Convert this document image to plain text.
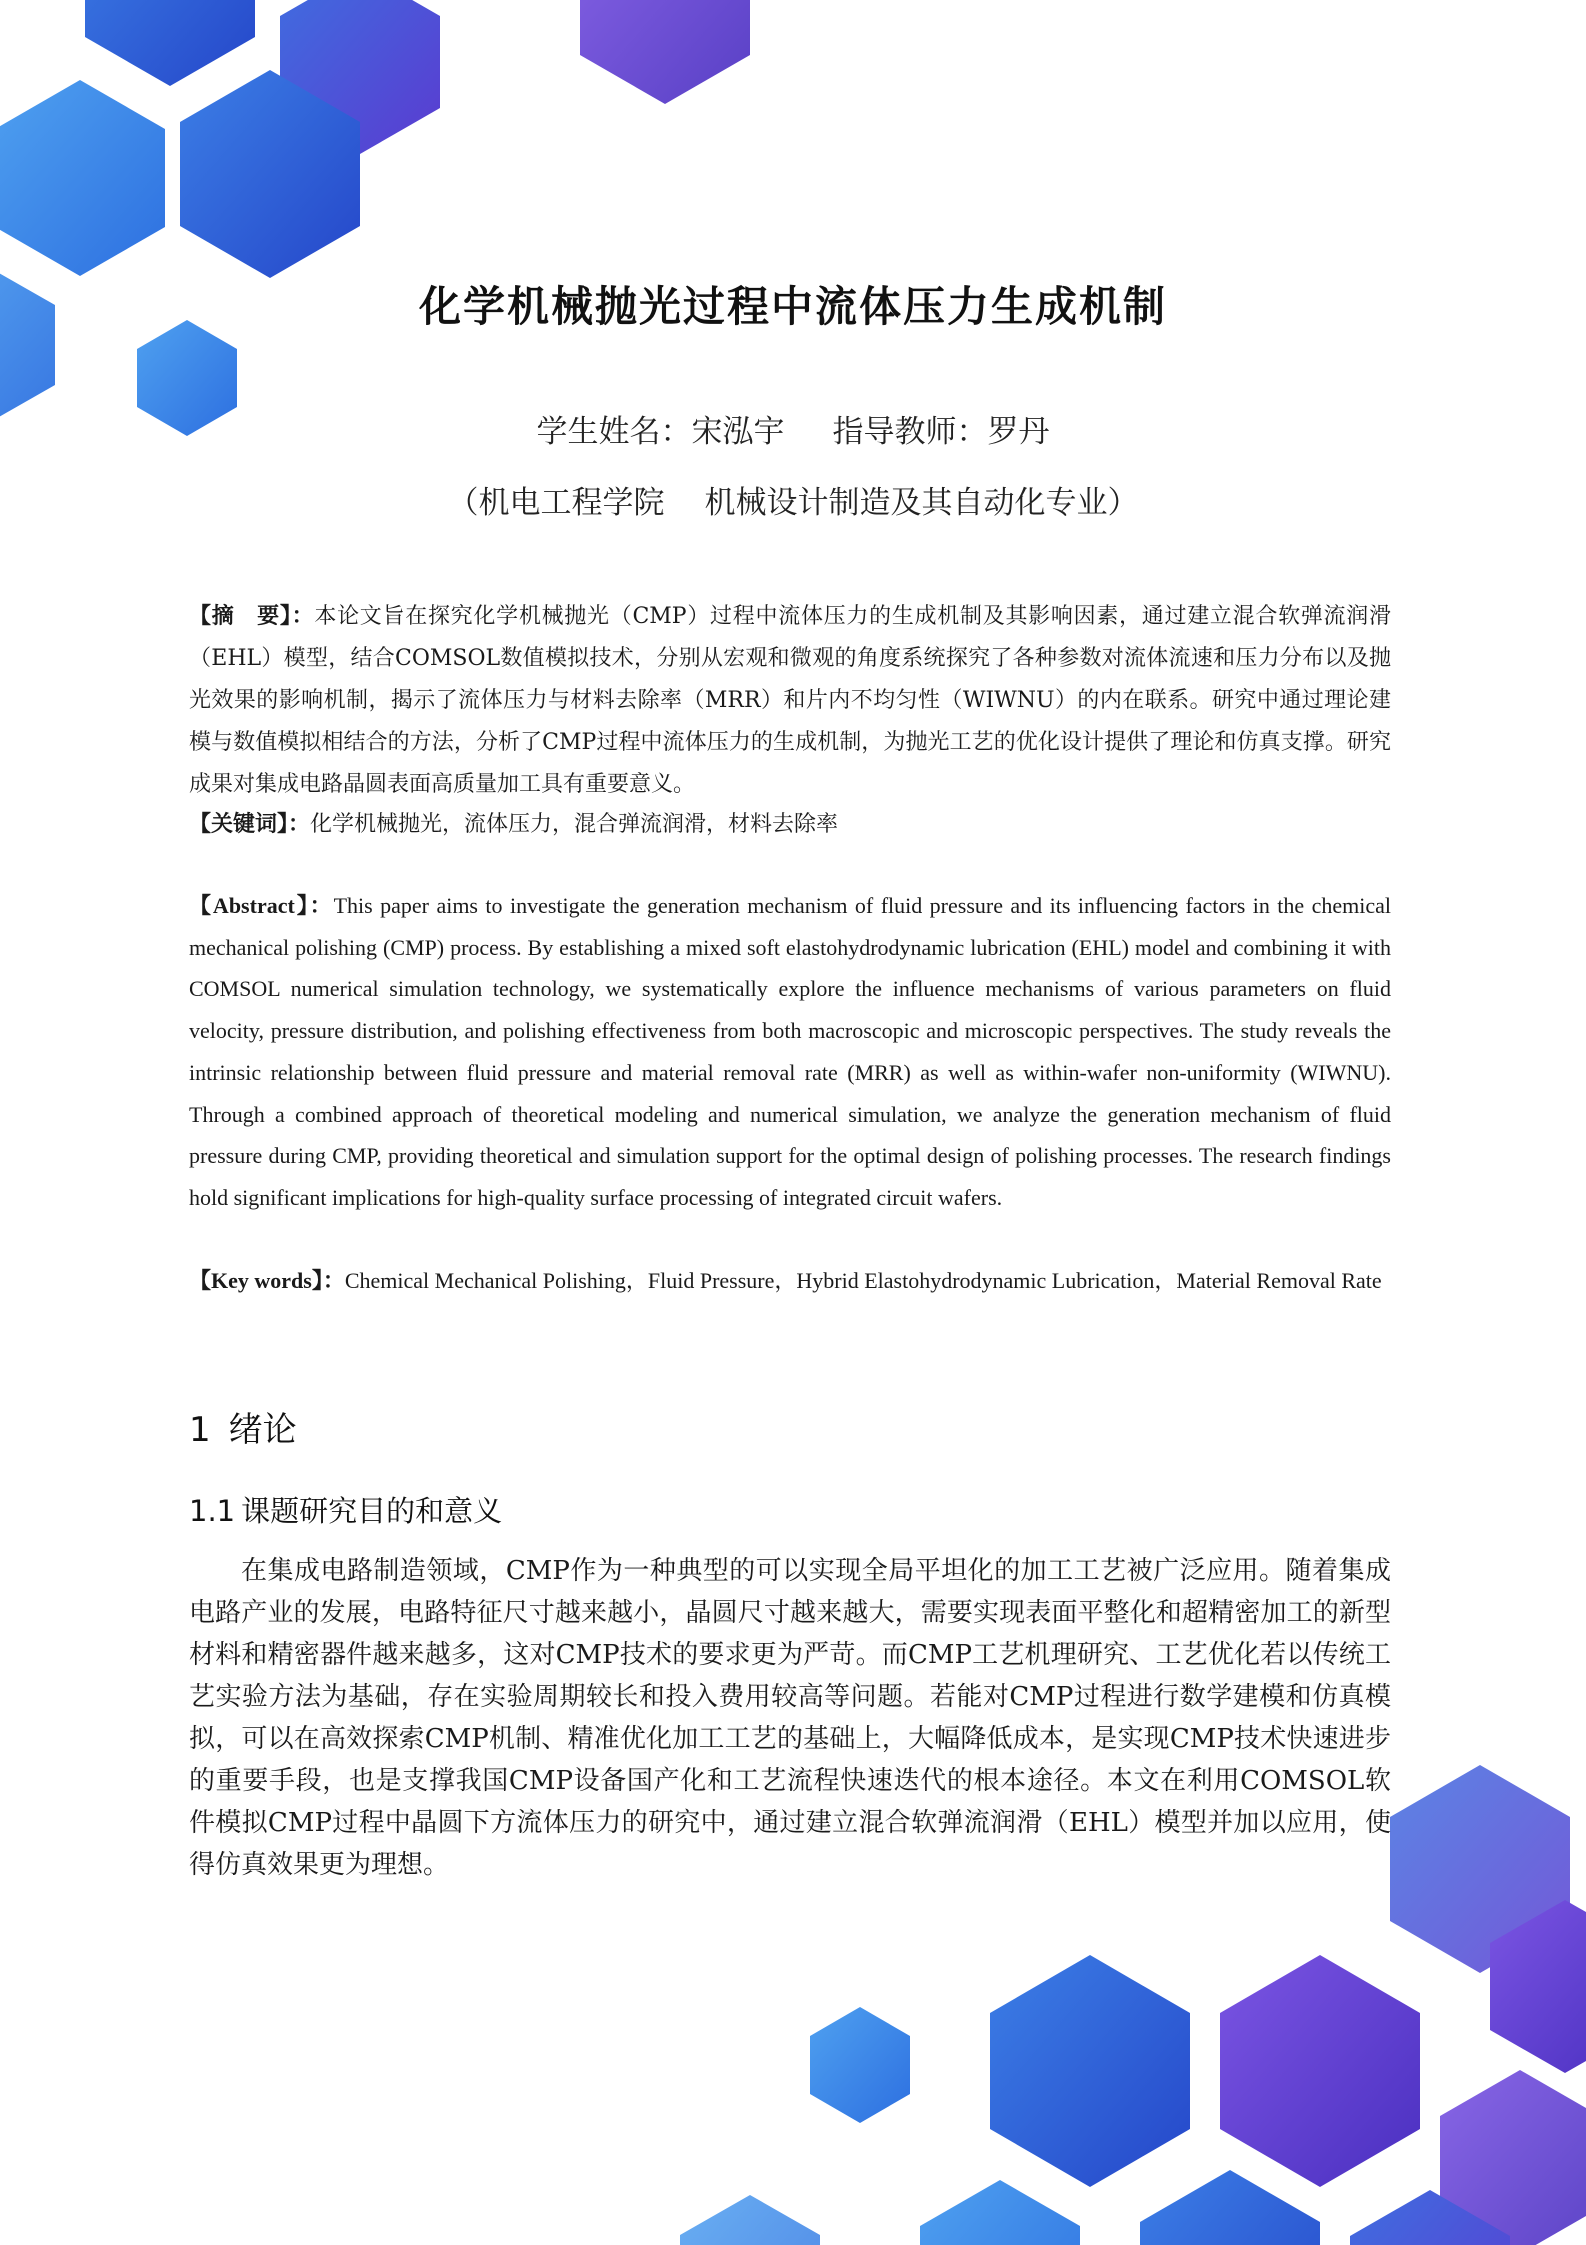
化学机械抛光过程中流体压力生成机制
学生姓名：宋泓宇 指导教师：罗丹
（机电工程学院 机械设计制造及其自动化专业）
【摘　要】：本论文旨在探究化学机械抛光（CMP）过程中流体压力的生成机制及其影响因素，通过建立混合软弹流润滑（EHL）模型，结合COMSOL数值模拟技术，分别从宏观和微观的角度系统探究了各种参数对流体流速和压力分布以及抛光效果的影响机制，揭示了流体压力与材料去除率（MRR）和片内不均匀性（WIWNU）的内在联系。研究中通过理论建模与数值模拟相结合的方法，分析了CMP过程中流体压力的生成机制，为抛光工艺的优化设计提供了理论和仿真支撑。研究成果对集成电路晶圆表面高质量加工具有重要意义。
【关键词】：化学机械抛光，流体压力，混合弹流润滑，材料去除率
【Abstract】：This paper aims to investigate the generation mechanism of fluid pressure and its influencing factors in the chemical mechanical polishing (CMP) process. By establishing a mixed soft elastohydrodynamic lubrication (EHL) model and combining it with COMSOL numerical simulation technology, we systematically explore the influence mechanisms of various parameters on fluid velocity, pressure distribution, and polishing effectiveness from both macroscopic and microscopic perspectives. The study reveals the intrinsic relationship between fluid pressure and material removal rate (MRR) as well as within-wafer non-uniformity (WIWNU). Through a combined approach of theoretical modeling and numerical simulation, we analyze the generation mechanism of fluid pressure during CMP, providing theoretical and simulation support for the optimal design of polishing processes. The research findings hold significant implications for high-quality surface processing of integrated circuit wafers.
【Key words】：Chemical Mechanical Polishing，Fluid Pressure，Hybrid Elastohydrodynamic Lubrication，Material Removal Rate
1 绪论
1.1 课题研究目的和意义
在集成电路制造领域，CMP作为一种典型的可以实现全局平坦化的加工工艺被广泛应用。随着集成电路产业的发展，电路特征尺寸越来越小，晶圆尺寸越来越大，需要实现表面平整化和超精密加工的新型材料和精密器件越来越多，这对CMP技术的要求更为严苛。而CMP工艺机理研究、工艺优化若以传统工艺实验方法为基础，存在实验周期较长和投入费用较高等问题。若能对CMP过程进行数学建模和仿真模拟，可以在高效探索CMP机制、精准优化加工工艺的基础上，大幅降低成本，是实现CMP技术快速进步的重要手段，也是支撑我国CMP设备国产化和工艺流程快速迭代的根本途径。本文在利用COMSOL软件模拟CMP过程中晶圆下方流体压力的研究中，通过建立混合软弹流润滑（EHL）模型并加以应用，使得仿真效果更为理想。
